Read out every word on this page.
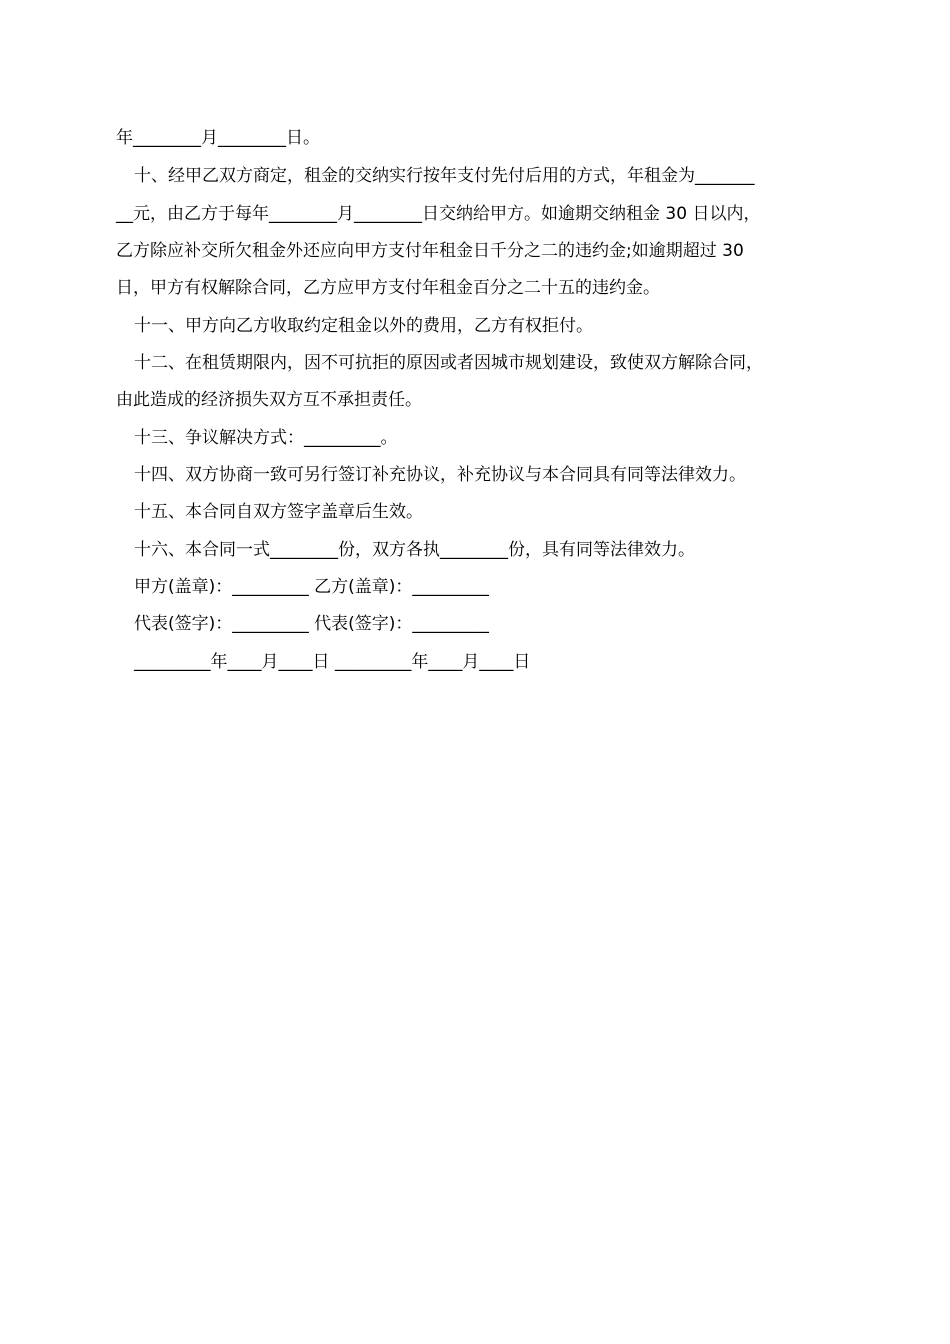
年________月________日。

十、经甲乙双方商定，租金的交纳实行按年支付先付后用的方式，年租金为_______

__元，由乙方于每年________月________日交纳给甲方。如逾期交纳租金 30 日以内，

乙方除应补交所欠租金外还应向甲方支付年租金日千分之二的违约金;如逾期超过 30

日，甲方有权解除合同，乙方应甲方支付年租金百分之二十五的违约金。

十一、甲方向乙方收取约定租金以外的费用，乙方有权拒付。

十二、在租赁期限内，因不可抗拒的原因或者因城市规划建设，致使双方解除合同，

由此造成的经济损失双方互不承担责任。

十三、争议解决方式：_________。

十四、双方协商一致可另行签订补充协议，补充协议与本合同具有同等法律效力。

十五、本合同自双方签字盖章后生效。

十六、本合同一式________份，双方各执________份，具有同等法律效力。

甲方(盖章)：_________ 乙方(盖章)：_________

代表(签字)：_________ 代表(签字)：_________

_________年____月____日 _________年____月____日
